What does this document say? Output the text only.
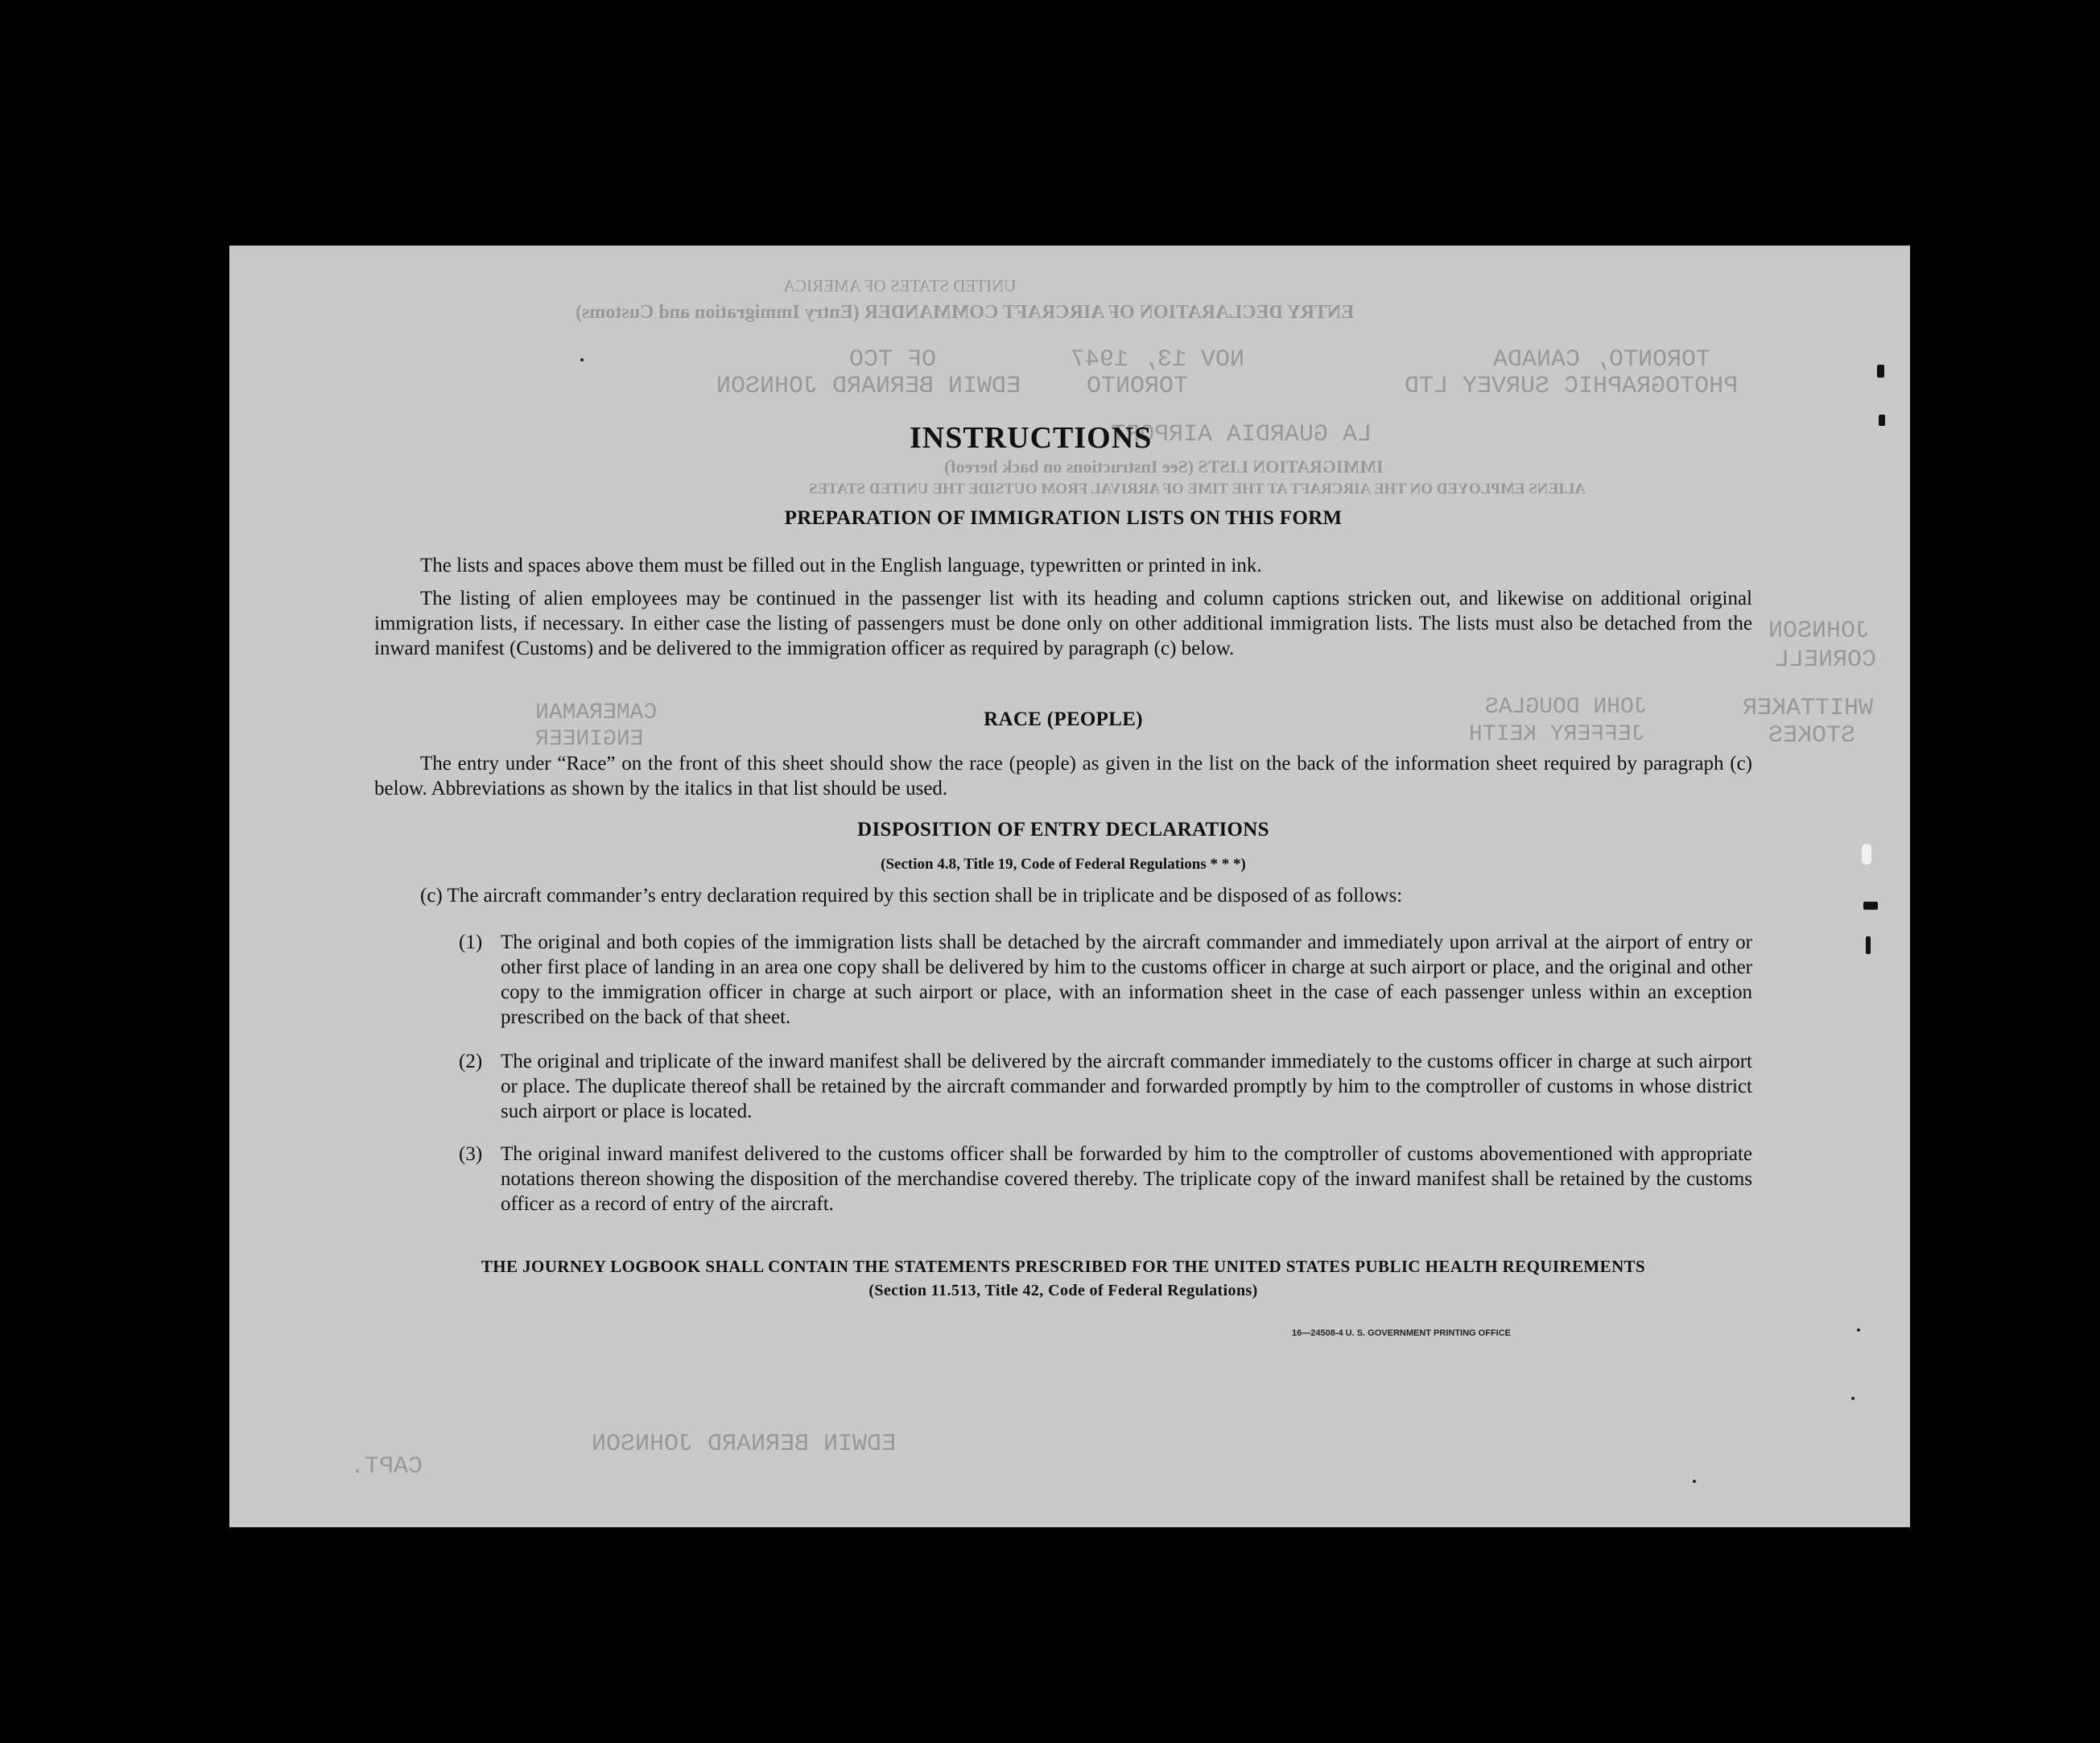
UNITED STATES OF AMERICA
ENTRY DECLARATION OF AIRCRAFT COMMANDER (Entry Immigration and Customs)
TORONTO, CANADA
NOV 13, 1947
OF TCO
PHOTOGRAPHIC SURVEY LTD
TORONTO
EDWIN BERNARD JOHNSON
LA GUARDIA AIRPORT
IMMIGRATION LISTS (See Instructions on back hereof)
ALIENS EMPLOYED ON THE AIRCRAFT AT THE TIME OF ARRIVAL FROM OUTSIDE THE UNITED STATES
JOHNSON
CORNELL
WHITTAKER
STOKES
JOHN DOUGLAS
JEFFERY KEITH
CAMERAMAN
ENGINEER
EDWIN BERNARD JOHNSON
CAPT.
INSTRUCTIONS
PREPARATION OF IMMIGRATION LISTS ON THIS FORM
The lists and spaces above them must be filled out in the English language, typewritten or printed in ink.
The listing of alien employees may be continued in the passenger list with its heading and column captions stricken out, and likewise on additional original immigration lists, if necessary. In either case the listing of passengers must be done only on other additional immigration lists. The lists must also be detached from the inward manifest (Customs) and be delivered to the immigration officer as required by paragraph (c) below.
RACE (PEOPLE)
The entry under “Race” on the front of this sheet should show the race (people) as given in the list on the back of the information sheet required by paragraph (c) below. Abbreviations as shown by the italics in that list should be used.
DISPOSITION OF ENTRY DECLARATIONS
(Section 4.8, Title 19, Code of Federal Regulations * * *)
(c) The aircraft commander’s entry declaration required by this section shall be in triplicate and be disposed of as follows:
(1) The original and both copies of the immigration lists shall be detached by the aircraft commander and immediately upon arrival at the airport of entry or other first place of landing in an area one copy shall be delivered by him to the customs officer in charge at such airport or place, and the original and other copy to the immigration officer in charge at such airport or place, with an information sheet in the case of each passenger unless within an exception prescribed on the back of that sheet.
(2) The original and triplicate of the inward manifest shall be delivered by the aircraft commander immediately to the customs officer in charge at such airport or place. The duplicate thereof shall be retained by the aircraft commander and forwarded promptly by him to the comptroller of customs in whose district such airport or place is located.
(3) The original inward manifest delivered to the customs officer shall be forwarded by him to the comptroller of customs abovementioned with appropriate notations thereon showing the disposition of the merchandise covered thereby. The triplicate copy of the inward manifest shall be retained by the customs officer as a record of entry of the aircraft.
THE JOURNEY LOGBOOK SHALL CONTAIN THE STATEMENTS PRESCRIBED FOR THE UNITED STATES PUBLIC HEALTH REQUIREMENTS
(Section 11.513, Title 42, Code of Federal Regulations)
16—24508-4 U. S. GOVERNMENT PRINTING OFFICE
